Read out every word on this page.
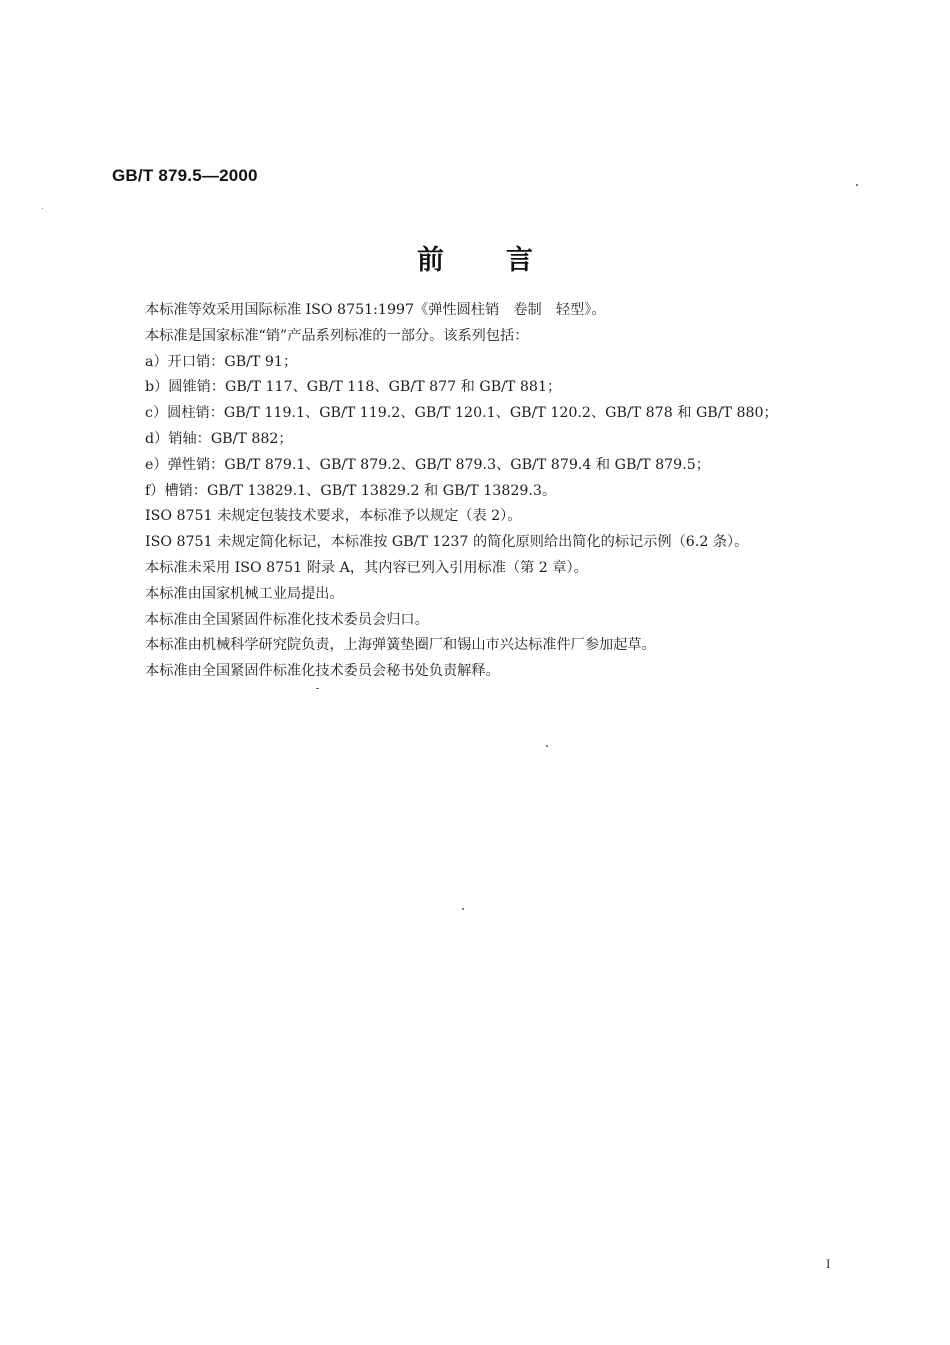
GB/T 879.5—2000
前言
本标准等效采用国际标准 ISO 8751:1997《弹性圆柱销　卷制　轻型》。
本标准是国家标准“销”产品系列标准的一部分。该系列包括：
a）开口销：GB/T 91；
b）圆锥销：GB/T 117、GB/T 118、GB/T 877 和 GB/T 881；
c）圆柱销：GB/T 119.1、GB/T 119.2、GB/T 120.1、GB/T 120.2、GB/T 878 和 GB/T 880；
d）销轴：GB/T 882；
e）弹性销：GB/T 879.1、GB/T 879.2、GB/T 879.3、GB/T 879.4 和 GB/T 879.5；
f）槽销：GB/T 13829.1、GB/T 13829.2 和 GB/T 13829.3。
ISO 8751 未规定包装技术要求，本标准予以规定（表 2）。
ISO 8751 未规定简化标记，本标准按 GB/T 1237 的简化原则给出简化的标记示例（6.2 条）。
本标准未采用 ISO 8751 附录 A，其内容已列入引用标准（第 2 章）。
本标准由国家机械工业局提出。
本标准由全国紧固件标准化技术委员会归口。
本标准由机械科学研究院负责，上海弹簧垫圈厂和锡山市兴达标准件厂参加起草。
本标准由全国紧固件标准化技术委员会秘书处负责解释。
I
